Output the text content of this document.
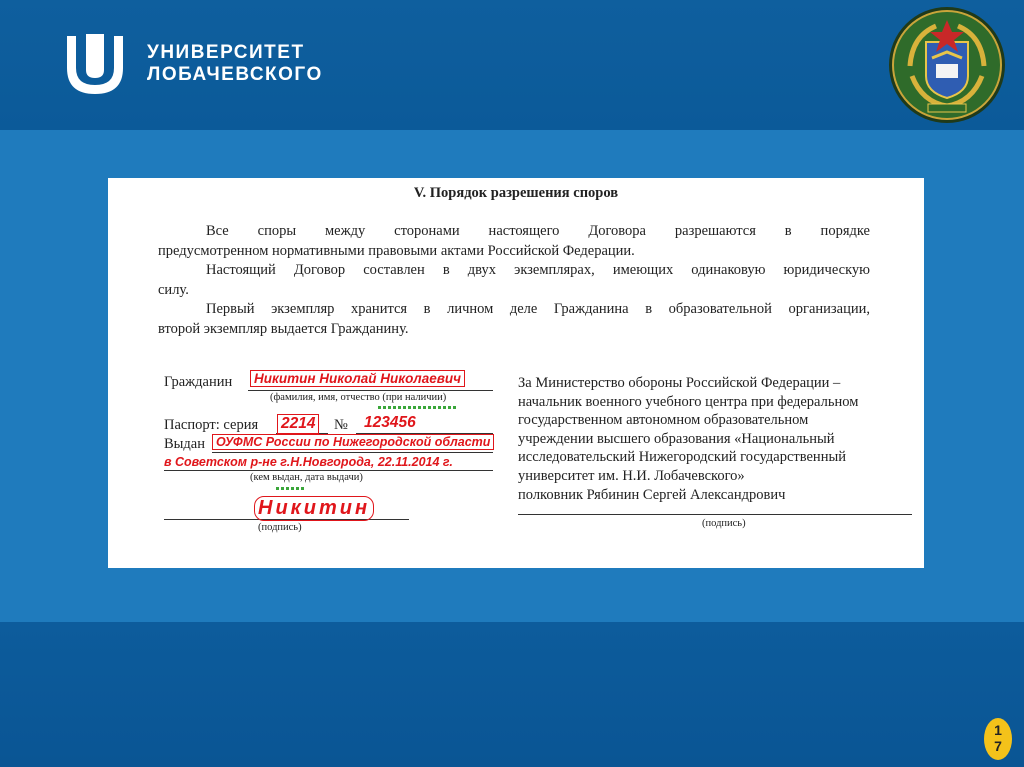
УНИВЕРСИТЕТ
ЛОБАЧЕВСКОГО
V. Порядок разрешения споров
Все споры между сторонами настоящего Договора разрешаются в порядке
предусмотренном нормативными правовыми актами Российской Федерации.
Настоящий Договор составлен в двух экземплярах, имеющих одинаковую юридическую
силу.
Первый экземпляр хранится в личном деле Гражданина в образовательной организации,
второй экземпляр выдается Гражданину.
Гражданин Никитин Николай Николаевич
(фамилия, имя, отчество (при наличии)
Паспорт: серия 2214 № 123456
Выдан ОУФМС России по Нижегородской области
в Советском р-не г.Н.Новгорода, 22.11.2014 г.
(кем выдан, дата выдачи)
Никитин
(подпись)
За Министерство обороны Российской Федерации –
начальник военного учебного центра при федеральном
государственном автономном образовательном
учреждении высшего образования «Национальный
исследовательский Нижегородский государственный
университет им. Н.И. Лобачевского»
полковник Рябинин Сергей Александрович
(подпись)
1
7
